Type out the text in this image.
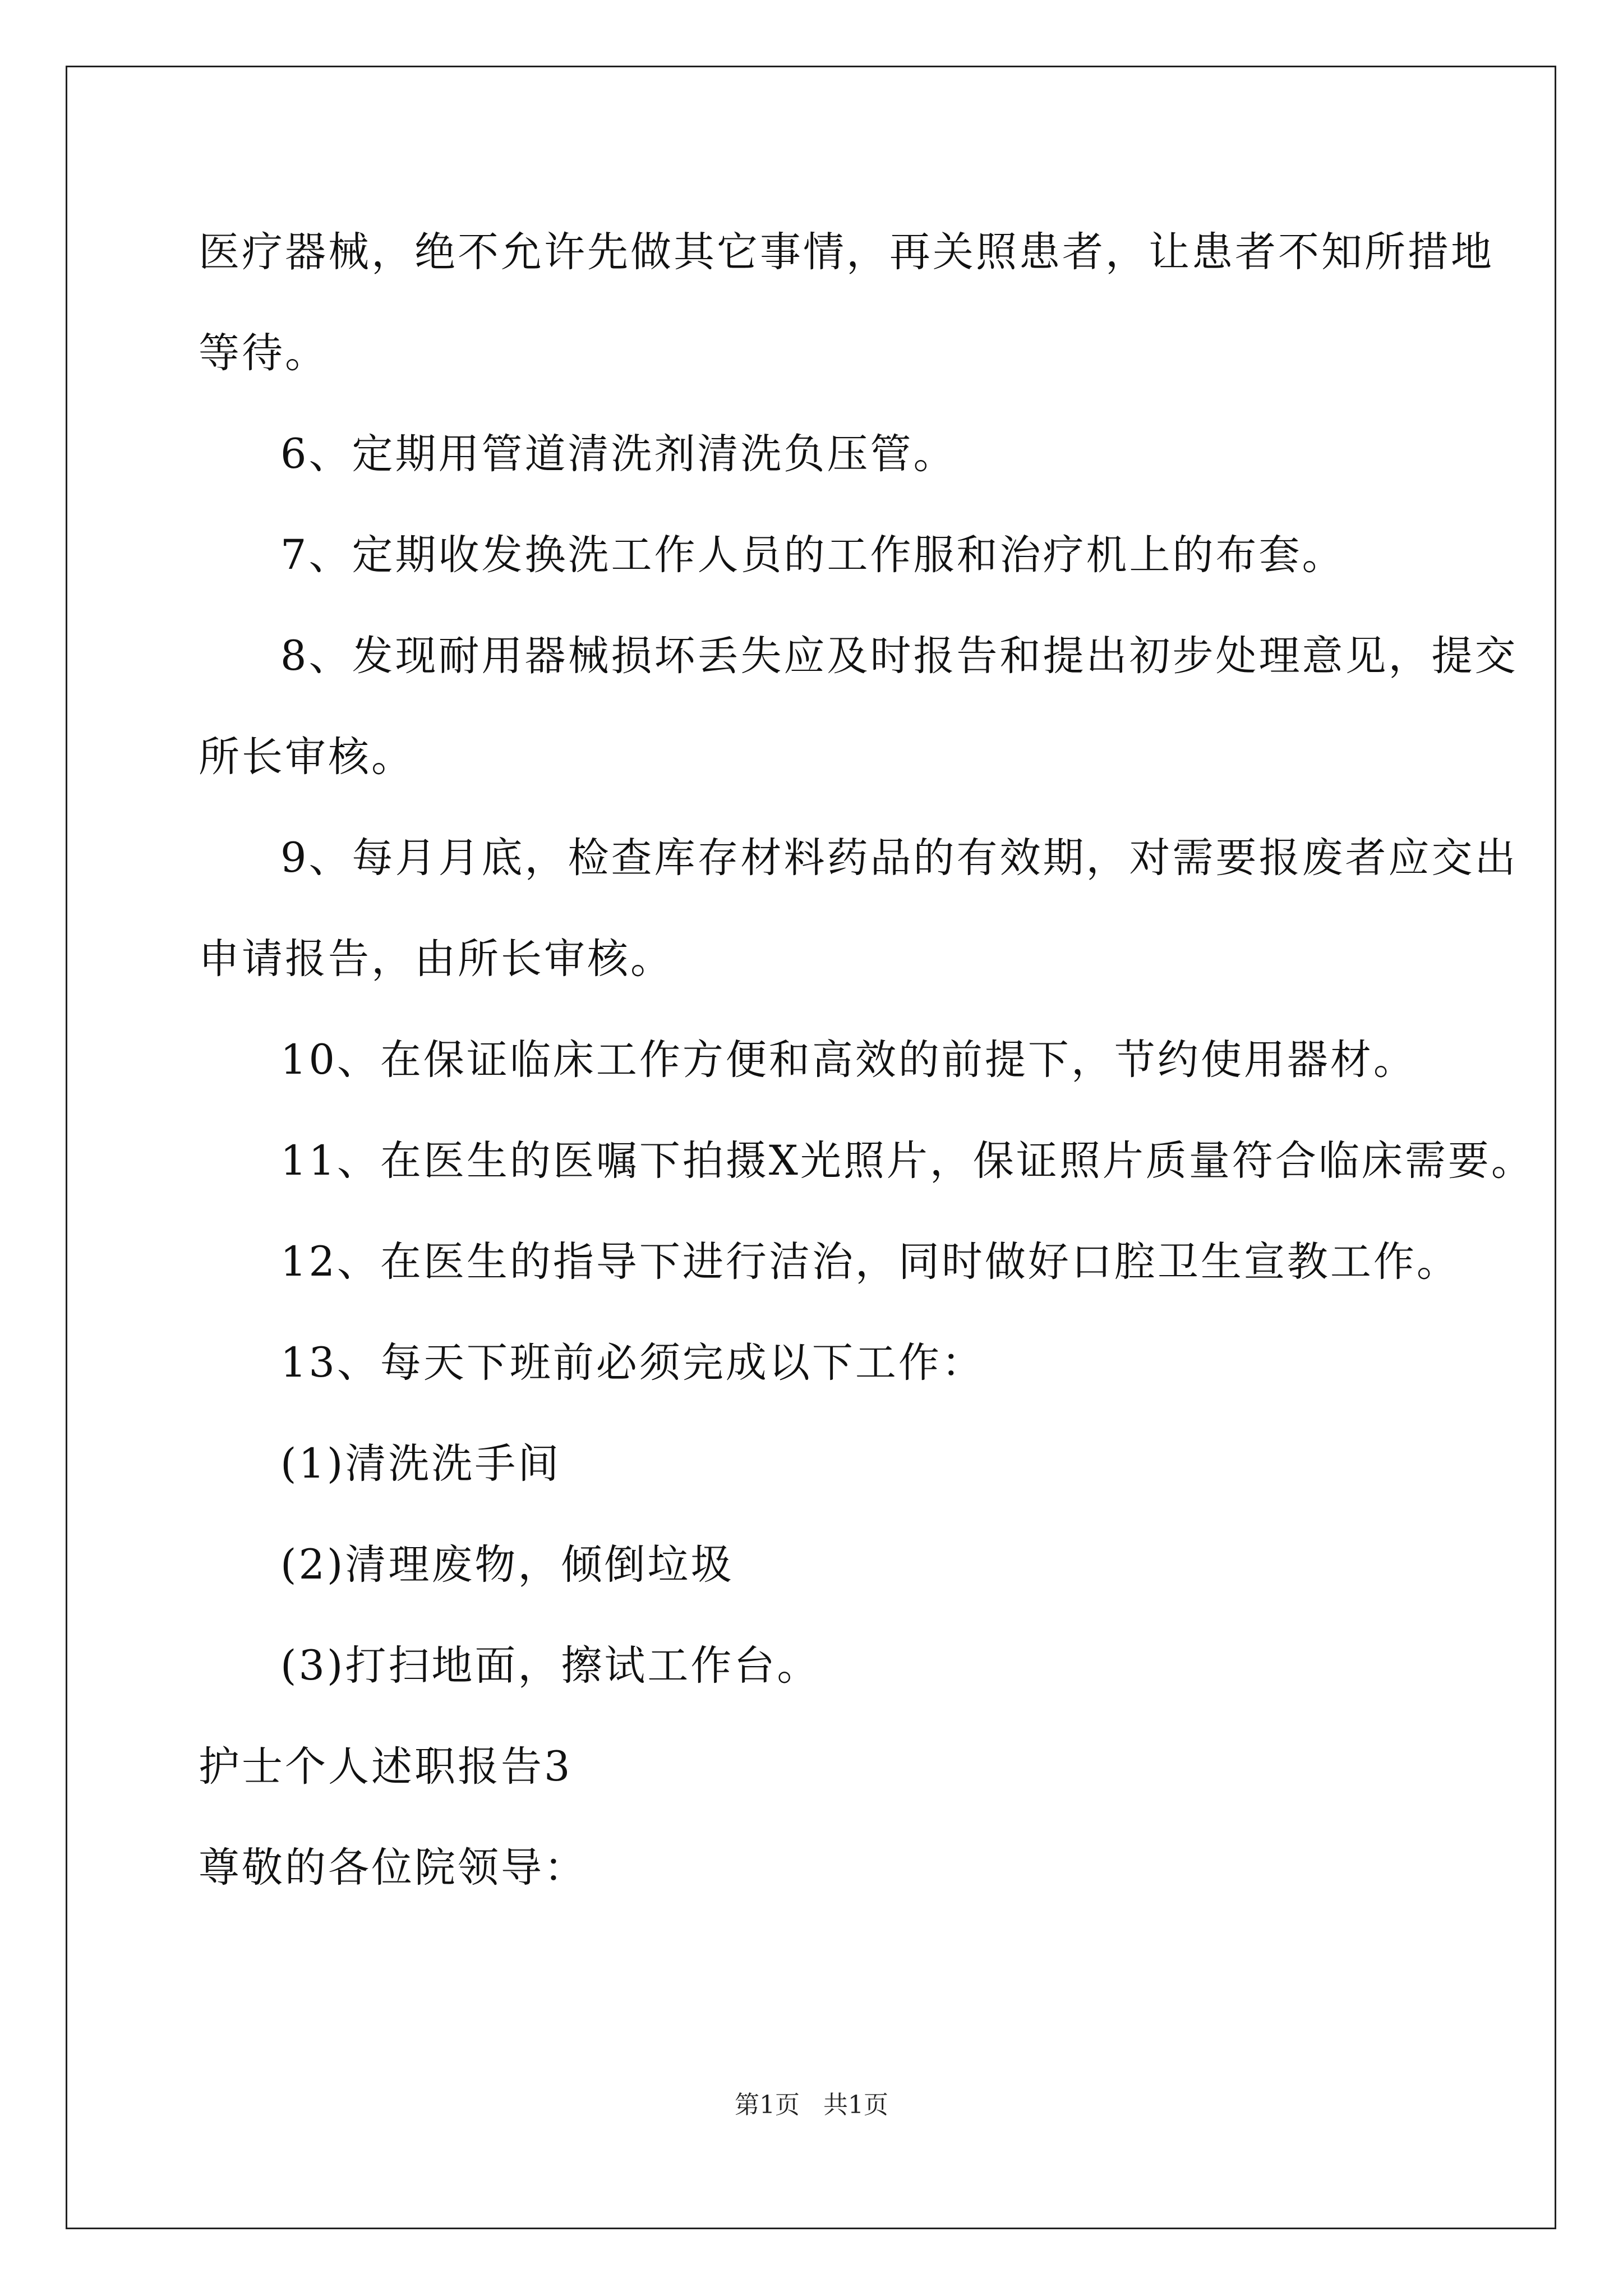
医疗器械，绝不允许先做其它事情，再关照患者，让患者不知所措地
等待。
6、定期用管道清洗剂清洗负压管。
7、定期收发换洗工作人员的工作服和治疗机上的布套。
8、发现耐用器械损坏丢失应及时报告和提出初步处理意见，提交
所长审核。
9、每月月底，检查库存材料药品的有效期，对需要报废者应交出
申请报告，由所长审核。
10、在保证临床工作方便和高效的前提下，节约使用器材。
11、在医生的医嘱下拍摄X光照片，保证照片质量符合临床需要。
12、在医生的指导下进行洁治，同时做好口腔卫生宣教工作。
13、每天下班前必须完成以下工作：
(1)清洗洗手间
(2)清理废物，倾倒垃圾
(3)打扫地面，擦试工作台。
护士个人述职报告3
尊敬的各位院领导：
第1页   共1页
